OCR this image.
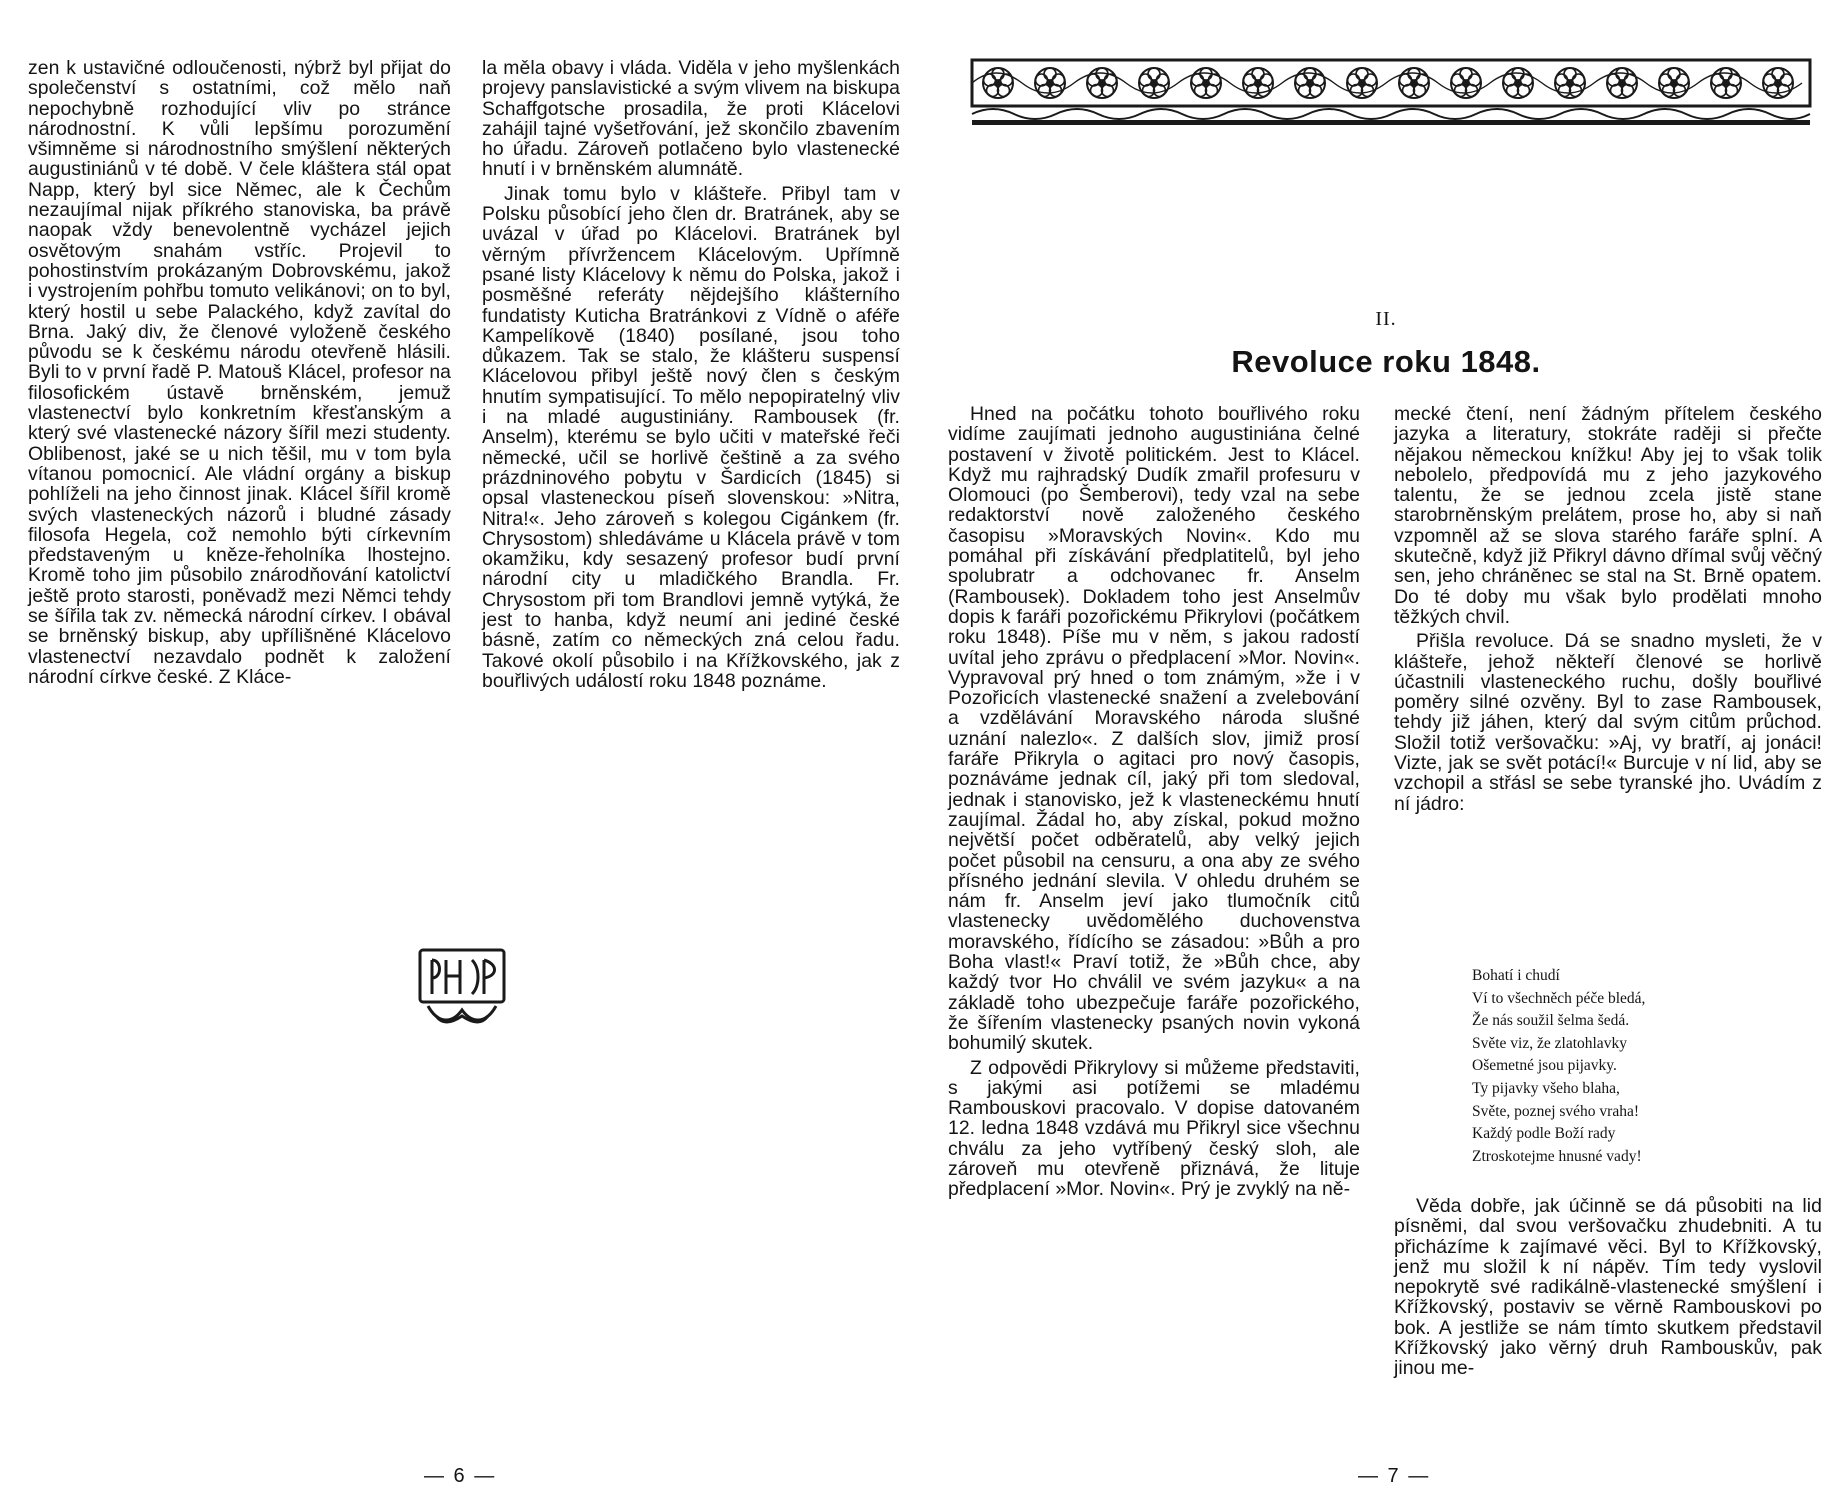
zen k ustavičné odloučenosti, nýbrž byl přijat do společenství s ostatními, což mělo naň nepochybně rozhodující vliv po stránce národnostní. K vůli lepšímu porozumění všimněme si národnostního smýšlení některých augustiniánů v té době. V čele kláštera stál opat Napp, který byl sice Němec, ale k Čechům nezaujímal nijak příkrého stanoviska, ba právě naopak vždy benevolentně vycházel jejich osvětovým snahám vstříc. Projevil to pohostinstvím prokázaným Dobrovskému, jakož i vystrojením pohřbu tomuto velikánovi; on to byl, který hostil u sebe Palackého, když zavítal do Brna. Jaký div, že členové vyloženě českého původu se k českému národu otevřeně hlásili. Byli to v první řadě P. Matouš Klácel, profesor na filosofickém ústavě brněnském, jemuž vlastenectví bylo konkretním křesťanským a který své vlastenecké názory šířil mezi studenty. Oblibenost, jaké se u nich těšil, mu v tom byla vítanou pomocnicí. Ale vládní orgány a biskup pohlíželi na jeho činnost jinak. Klácel šířil kromě svých vlasteneckých názorů i bludné zásady filosofa Hegela, což nemohlo býti církevním představeným u kněze-řeholníka lhostejno. Kromě toho jim působilo znárodňování katolictví ještě proto starosti, poněvadž mezi Němci tehdy se šířila tak zv. německá národní církev. I obával se brněnský biskup, aby upřílišněné Klácelovo vlastenectví nezavdalo podnět k založení národní církve české. Z Kláce-

la měla obavy i vláda. Viděla v jeho myšlenkách projevy panslavistické a svým vlivem na biskupa Schaffgotsche prosadila, že proti Klácelovi zahájil tajné vyšetřování, jež skončilo zbavením ho úřadu. Zároveň potlačeno bylo vlastenecké hnutí i v brněnském alumnátě.

Jinak tomu bylo v klášteře. Přibyl tam v Polsku působící jeho člen dr. Bratránek, aby se uvázal v úřad po Klácelovi. Bratránek byl věrným přívržencem Klácelovým. Upřímně psané listy Klácelovy k němu do Polska, jakož i posměšné referáty nějdejšího klášterního fundatisty Kuticha Bratránkovi z Vídně o aféře Kampelíkově (1840) posílané, jsou toho důkazem. Tak se stalo, že klášteru suspensí Klácelovou přibyl ještě nový člen s českým hnutím sympatisující. To mělo nepopiratelný vliv i na mladé augustiniány. Rambousek (fr. Anselm), kterému se bylo učiti v mateřské řeči německé, učil se horlivě češtině a za svého prázdninového pobytu v Šardicích (1845) si opsal vlasteneckou píseň slovenskou: »Nitra, Nitra!«. Jeho zároveň s kolegou Cigánkem (fr. Chrysostom) shledáváme u Klácela právě v tom okamžiku, kdy sesazený profesor budí první národní city u mladičkého Brandla. Fr. Chrysostom při tom Brandlovi jemně vytýká, že jest to hanba, když neumí ani jediné české básně, zatím co německých zná celou řadu. Takové okolí působilo i na Křížkovského, jak z bouřlivých událostí roku 1848 poznáme.

— 6 —
II.
Revoluce roku 1848.

Hned na počátku tohoto bouřlivého roku vidíme zaujímati jednoho augustiniána čelné postavení v životě politickém. Jest to Klácel. Když mu rajhradský Dudík zmařil profesuru v Olomouci (po Šemberovi), tedy vzal na sebe redaktorství nově založeného českého časopisu »Moravských Novin«. Kdo mu pomáhal při získávání předplatitelů, byl jeho spolubratr a odchovanec fr. Anselm (Rambousek). Dokladem toho jest Anselmův dopis k faráři pozořickému Přikrylovi (počátkem roku 1848). Píše mu v něm, s jakou radostí uvítal jeho zprávu o předplacení »Mor. Novin«. Vypravoval prý hned o tom známým, »že i v Pozořicích vlastenecké snažení a zvelebování a vzdělávání Moravského národa slušné uznání nalezlo«. Z dalších slov, jimiž prosí faráře Přikryla o agitaci pro nový časopis, poznáváme jednak cíl, jaký při tom sledoval, jednak i stanovisko, jež k vlasteneckému hnutí zaujímal. Žádal ho, aby získal, pokud možno největší počet odběratelů, aby velký jejich počet působil na censuru, a ona aby ze svého přísného jednání slevila. V ohledu druhém se nám fr. Anselm jeví jako tlumočník citů vlastenecky uvědomělého duchovenstva moravského, řídícího se zásadou: »Bůh a pro Boha vlast!« Praví totiž, že »Bůh chce, aby každý tvor Ho chválil ve svém jazyku« a na základě toho ubezpečuje faráře pozořického, že šířením vlastenecky psaných novin vykoná bohumilý skutek.

Z odpovědi Přikrylovy si můžeme představiti, s jakými asi potížemi se mladému Rambouskovi pracovalo. V dopise datovaném 12. ledna 1848 vzdává mu Přikryl sice všechnu chválu za jeho vytříbený český sloh, ale zároveň mu otevřeně přiznává, že lituje předplacení »Mor. Novin«. Prý je zvyklý na ně-

mecké čtení, není žádným přítelem českého jazyka a literatury, stokráte raději si přečte nějakou německou knížku! Aby jej to však tolik nebolelo, předpovídá mu z jeho jazykového talentu, že se jednou zcela jistě stane starobrněnským prelátem, prose ho, aby si naň vzpomněl až se slova starého faráře splní. A skutečně, když již Přikryl dávno dřímal svůj věčný sen, jeho chráněnec se stal na St. Brně opatem. Do té doby mu však bylo prodělati mnoho těžkých chvil.

Přišla revoluce. Dá se snadno mysleti, že v klášteře, jehož někteří členové se horlivě účastnili vlasteneckého ruchu, došly bouřlivé poměry silné ozvěny. Byl to zase Rambousek, tehdy již jáhen, který dal svým citům průchod. Složil totiž veršovačku: »Aj, vy bratří, aj jonáci! Vizte, jak se svět potácí!« Burcuje v ní lid, aby se vzchopil a střásl se sebe tyranské jho. Uvádím z ní jádro:

Bohatí i chudí
Ví to všechněch péče bledá,
Že nás soužil šelma šedá.
Světe viz, že zlatohlavky
Ošemetné jsou pijavky.
Ty pijavky všeho blaha,
Světe, poznej svého vraha!
Každý podle Boží rady
Ztroskotejme hnusné vady!

Věda dobře, jak účinně se dá působiti na lid písněmi, dal svou veršovačku zhudebniti. A tu přicházíme k zajímavé věci. Byl to Křížkovský, jenž mu složil k ní nápěv. Tím tedy vyslovil nepokrytě své radikálně-vlastenecké smýšlení i Křížkovský, postaviv se věrně Rambouskovi po bok. A jestliže se nám tímto skutkem představil Křížkovský jako věrný druh Rambouskův, pak jinou me-

— 7 —
